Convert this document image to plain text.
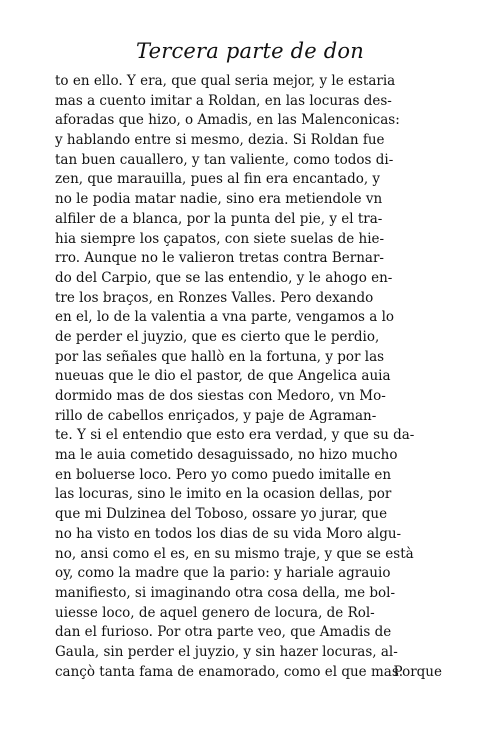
Tercera parte de don
to en ello. Y era, que qual seria mejor, y le estaria
mas a cuento imitar a Roldan, en las locuras des-
aforadas que hizo, o Amadis, en las Malenconicas:
y hablando entre si mesmo, dezia. Si Roldan fue
tan buen cauallero, y tan valiente, como todos di-
zen, que marauilla, pues al fin era encantado, y
no le podia matar nadie, sino era metiendole vn
alfiler de a blanca, por la punta del pie, y el tra-
hia siempre los çapatos, con siete suelas de hie-
rro. Aunque no le valieron tretas contra Bernar-
do del Carpio, que se las entendio, y le ahogo en-
tre los braços, en Ronzes Valles. Pero dexando
en el, lo de la valentia a vna parte, vengamos a lo
de perder el juyzio, que es cierto que le perdio,
por las señales que hallò en la fortuna, y por las
nueuas que le dio el pastor, de que Angelica auia
dormido mas de dos siestas con Medoro, vn Mo-
rillo de cabellos enriçados, y paje de Agraman-
te. Y si el entendio que esto era verdad, y que su da-
ma le auia cometido desaguissado, no hizo mucho
en boluerse loco. Pero yo como puedo imitalle en
las locuras, sino le imito en la ocasion dellas, por
que mi Dulzinea del Toboso, ossare yo jurar, que
no ha visto en todos los dias de su vida Moro algu-
no, ansi como el es, en su mismo traje, y que se està
oy, como la madre que la pario: y hariale agrauio
manifiesto, si imaginando otra cosa della, me bol-
uiesse loco, de aquel genero de locura, de Rol-
dan el furioso. Por otra parte veo, que Amadis de
Gaula, sin perder el juyzio, y sin hazer locuras, al-
cançò tanta fama de enamorado, como el que mas.
Porque
